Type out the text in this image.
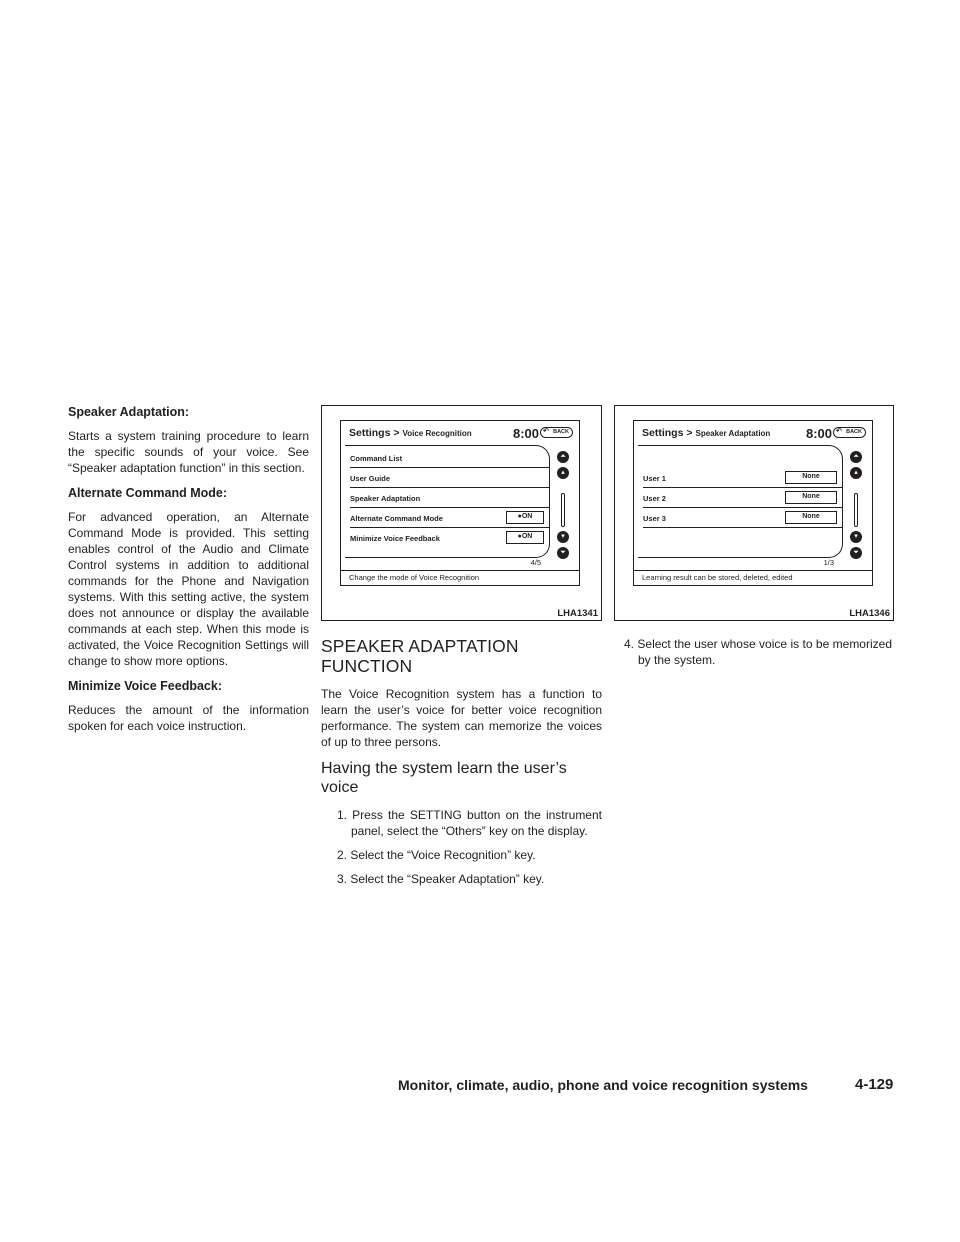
Speaker Adaptation:

Starts a system training procedure to learn the specific sounds of your voice. See “Speaker adaptation function” in this section.

Alternate Command Mode:

For advanced operation, an Alternate Command Mode is provided. This setting enables control of the Audio and Climate Control systems in addition to additional commands for the Phone and Navigation systems. With this setting active, the system does not announce or display the available commands at each step. When this mode is activated, the Voice Recognition Settings will change to show more options.

Minimize Voice Feedback:

Reduces the amount of the information spoken for each voice instruction.

Settings > Voice Recognition	8:00	↶ BACK
Command List
User Guide
Speaker Adaptation
Alternate Command Mode	●ON
Minimize Voice Feedback	●ON
⏶
▴
▾
⏷
4/5
Change the mode of Voice Recognition
LHA1341
Settings > Speaker Adaptation	8:00	↶ BACK
User 1	None
User 2	None
User 3	None
⏶
▴
▾
⏷
1/3
Learning result can be stored, deleted, edited
LHA1346
SPEAKER ADAPTATION FUNCTION

The Voice Recognition system has a function to learn the user’s voice for better voice recognition performance. The system can memorize the voices of up to three persons.

Having the system learn the user’s voice
1. Press the SETTING button on the instrument panel, select the “Others” key on the display.
2. Select the “Voice Recognition” key.
3. Select the “Speaker Adaptation” key.
4. Select the user whose voice is to be memorized by the system.
Monitor, climate, audio, phone and voice recognition systems	4-129
